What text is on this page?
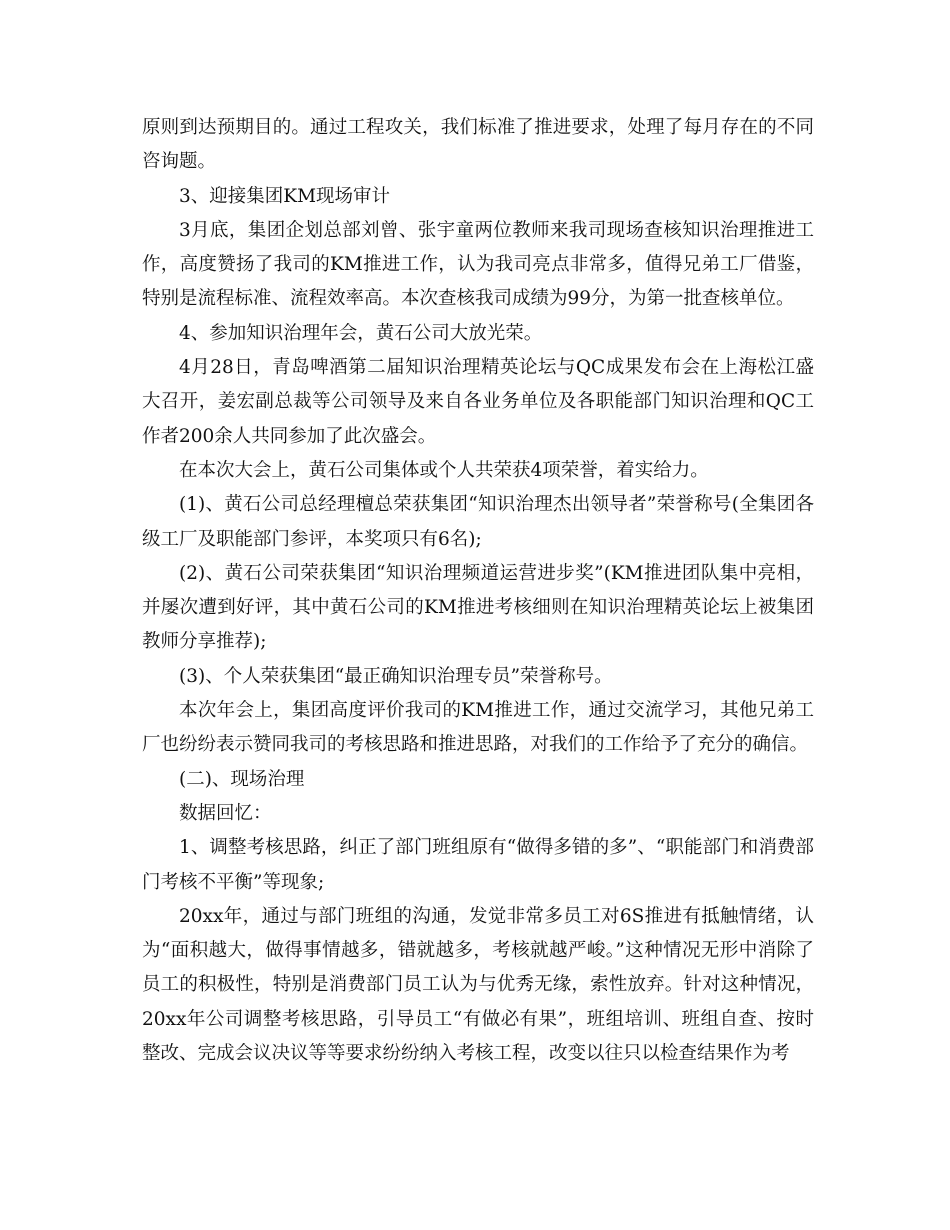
原则到达预期目的。通过工程攻关，我们标准了推进要求，处理了每月存在的不同咨询题。

3、迎接集团KM现场审计

3月底，集团企划总部刘曾、张宇童两位教师来我司现场查核知识治理推进工作，高度赞扬了我司的KM推进工作，认为我司亮点非常多，值得兄弟工厂借鉴，特别是流程标准、流程效率高。本次查核我司成绩为99分，为第一批查核单位。

4、参加知识治理年会，黄石公司大放光荣。

4月28日，青岛啤酒第二届知识治理精英论坛与QC成果发布会在上海松江盛大召开，姜宏副总裁等公司领导及来自各业务单位及各职能部门知识治理和QC工作者200余人共同参加了此次盛会。

在本次大会上，黄石公司集体或个人共荣获4项荣誉，着实给力。

(1)、黄石公司总经理檀总荣获集团“知识治理杰出领导者”荣誉称号(全集团各级工厂及职能部门参评，本奖项只有6名);

(2)、黄石公司荣获集团“知识治理频道运营进步奖”(KM推进团队集中亮相，并屡次遭到好评，其中黄石公司的KM推进考核细则在知识治理精英论坛上被集团教师分享推荐);

(3)、个人荣获集团“最正确知识治理专员”荣誉称号。

本次年会上，集团高度评价我司的KM推进工作，通过交流学习，其他兄弟工厂也纷纷表示赞同我司的考核思路和推进思路，对我们的工作给予了充分的确信。

(二)、现场治理

数据回忆：

1、调整考核思路，纠正了部门班组原有“做得多错的多”、“职能部门和消费部门考核不平衡”等现象;

20xx年，通过与部门班组的沟通，发觉非常多员工对6S推进有抵触情绪，认为“面积越大，做得事情越多，错就越多，考核就越严峻。”这种情况无形中消除了员工的积极性，特别是消费部门员工认为与优秀无缘，索性放弃。针对这种情况，20xx年公司调整考核思路，引导员工“有做必有果”，班组培训、班组自查、按时整改、完成会议决议等等要求纷纷纳入考核工程，改变以往只以检查结果作为考
